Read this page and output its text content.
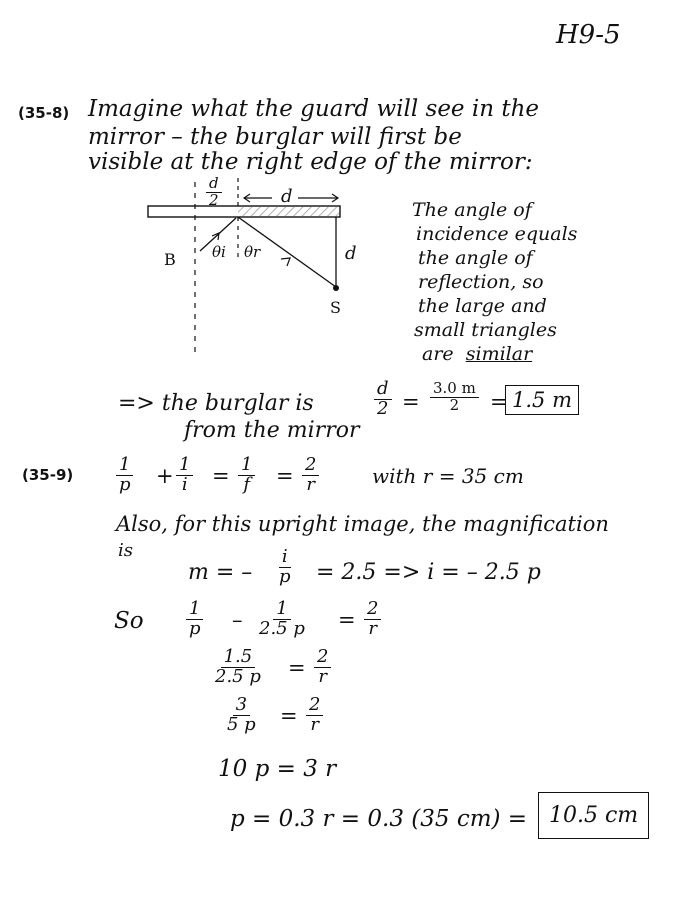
H9-5
(35-8) Imagine what the guard will see in the
mirror – the burglar will first be
visible at the right edge of the mirror:
$\frac{d}{2}$	d
d
B
S
θi θr
The angle of
incidence equals
the angle of
reflection, so
the large and
small triangles
are similar
=> the burglar is	$\frac{d}{2} = \frac{3.0 m}{2} = 1.5$ m
from the mirror
$(35-9) \frac{1}{p} + \frac{1}{i} = \frac{1}{f} = \frac{2}{r}$	with r = 35 cm
Also, for this upright image, the magnification
is
m = – $\frac{i}{p} = 2.5 => i$ = – 2.5 p
So $\frac{1}{p} - \frac{1}{2.5 p} = \frac{2}{r}$
$\frac{1.5}{2.5 p} = \frac{2}{r}$
$\frac{3}{5 p} = \frac{2}{r}$
10 p = 3 r
p = 0.3 r = 0.3 (35 cm) = 10.5 cm
